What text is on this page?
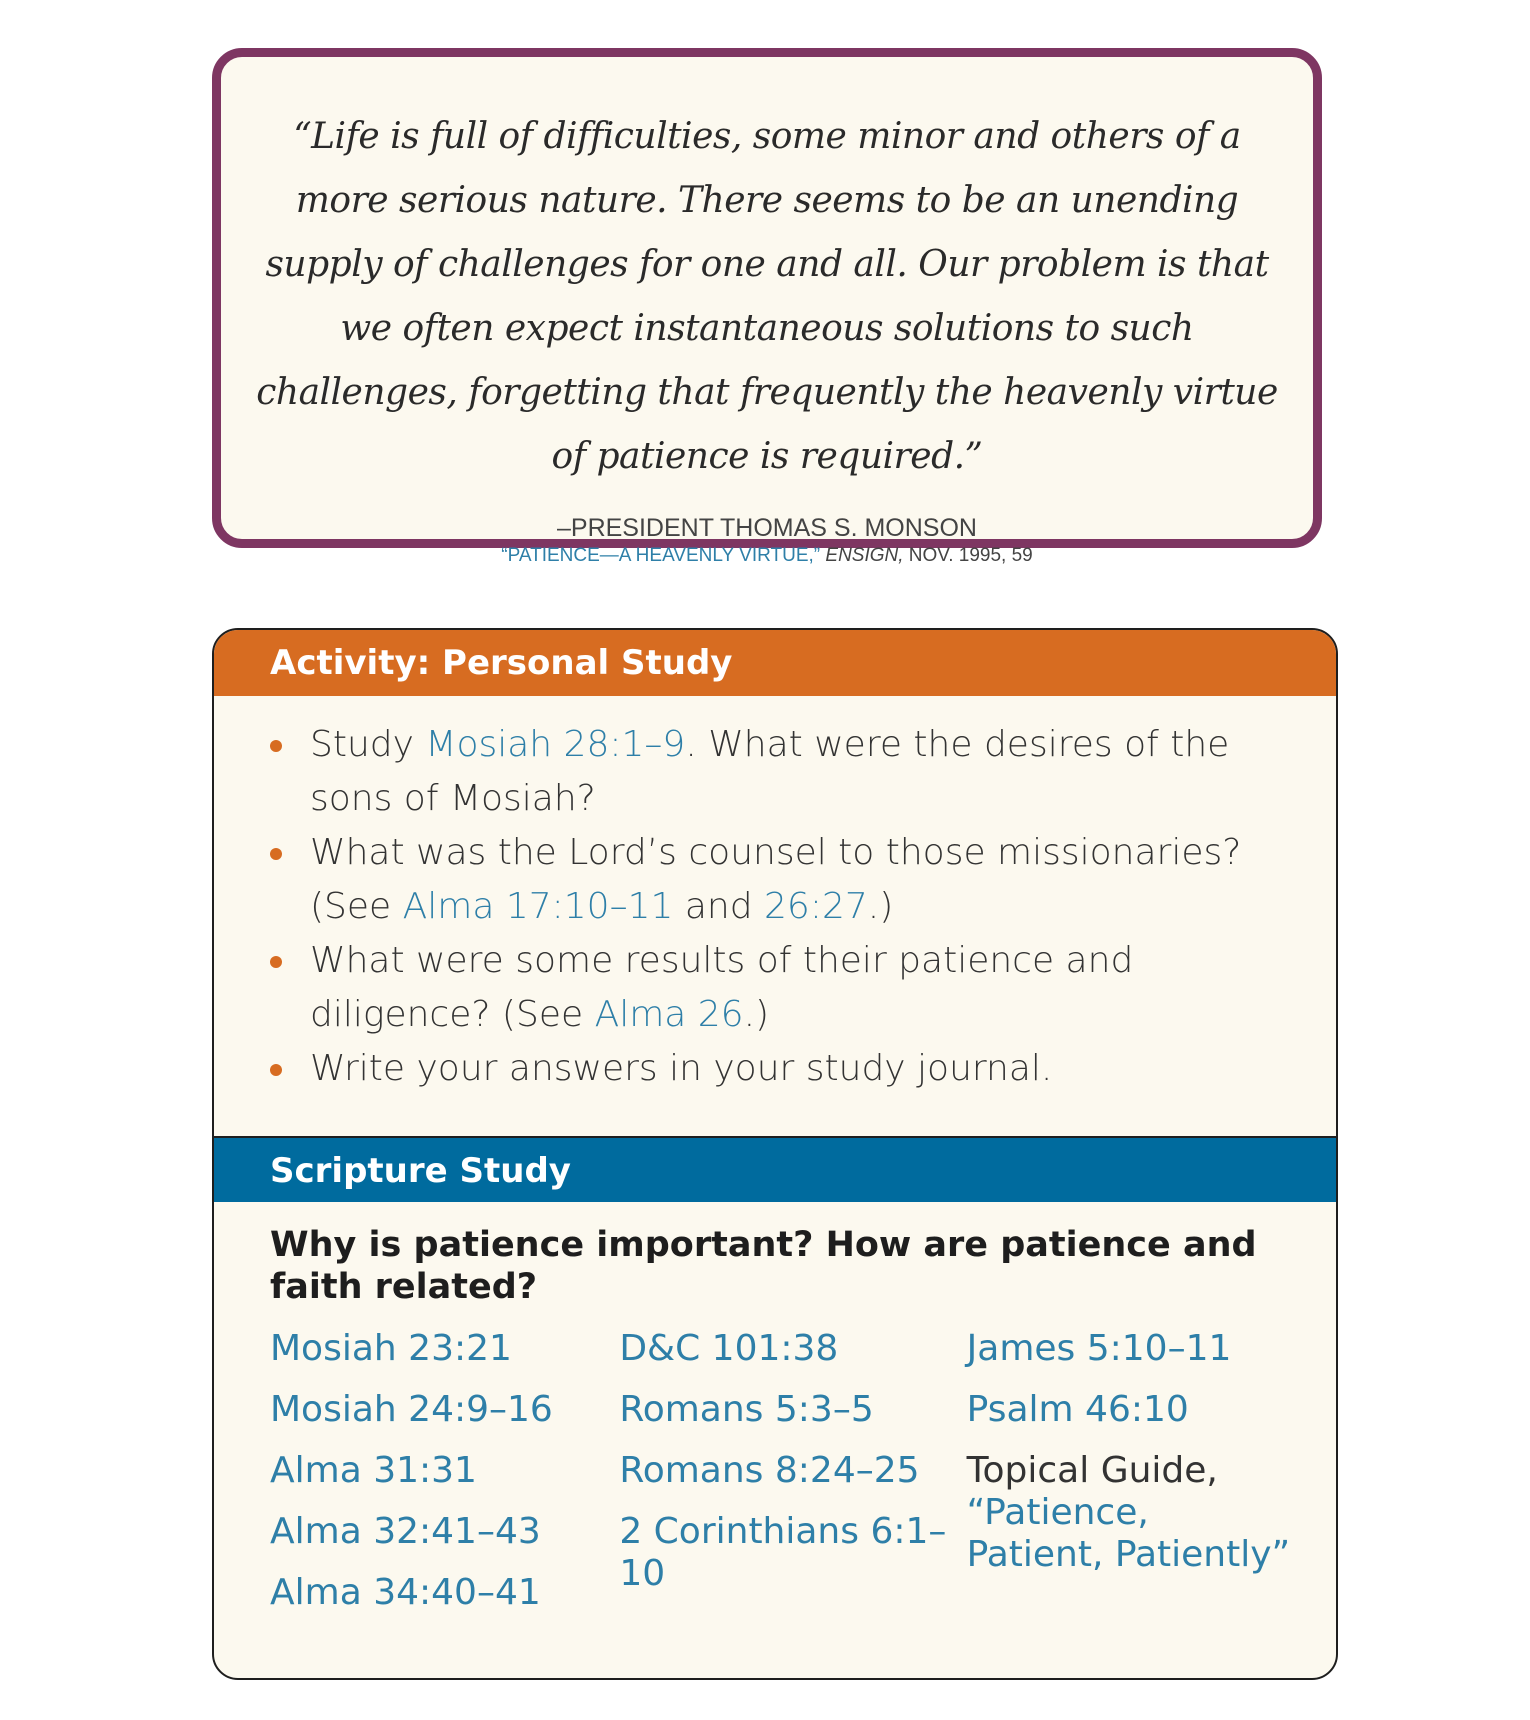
“Life is full of difficulties, some minor and others of a more serious nature. There seems to be an unending supply of challenges for one and all. Our problem is that we often expect instantaneous solutions to such challenges, forgetting that frequently the heavenly virtue of patience is required.”
–PRESIDENT THOMAS S. MONSON
“PATIENCE—A HEAVENLY VIRTUE,” ENSIGN, NOV. 1995, 59
Activity: Personal Study
Study Mosiah 28:1–9. What were the desires of the sons of Mosiah?
What was the Lord’s counsel to those missionaries? (See Alma 17:10–11 and 26:27.)
What were some results of their patience and diligence? (See Alma 26.)
Write your answers in your study journal.
Scripture Study
Why is patience important? How are patience and faith related?
Mosiah 23:21
Mosiah 24:9–16
Alma 31:31
Alma 32:41–43
Alma 34:40–41
D&C 101:38
Romans 5:3–5
Romans 8:24–25
2 Corinthians 6:1–10
James 5:10–11
Psalm 46:10
Topical Guide,
“Patience, Patient, Patiently”
